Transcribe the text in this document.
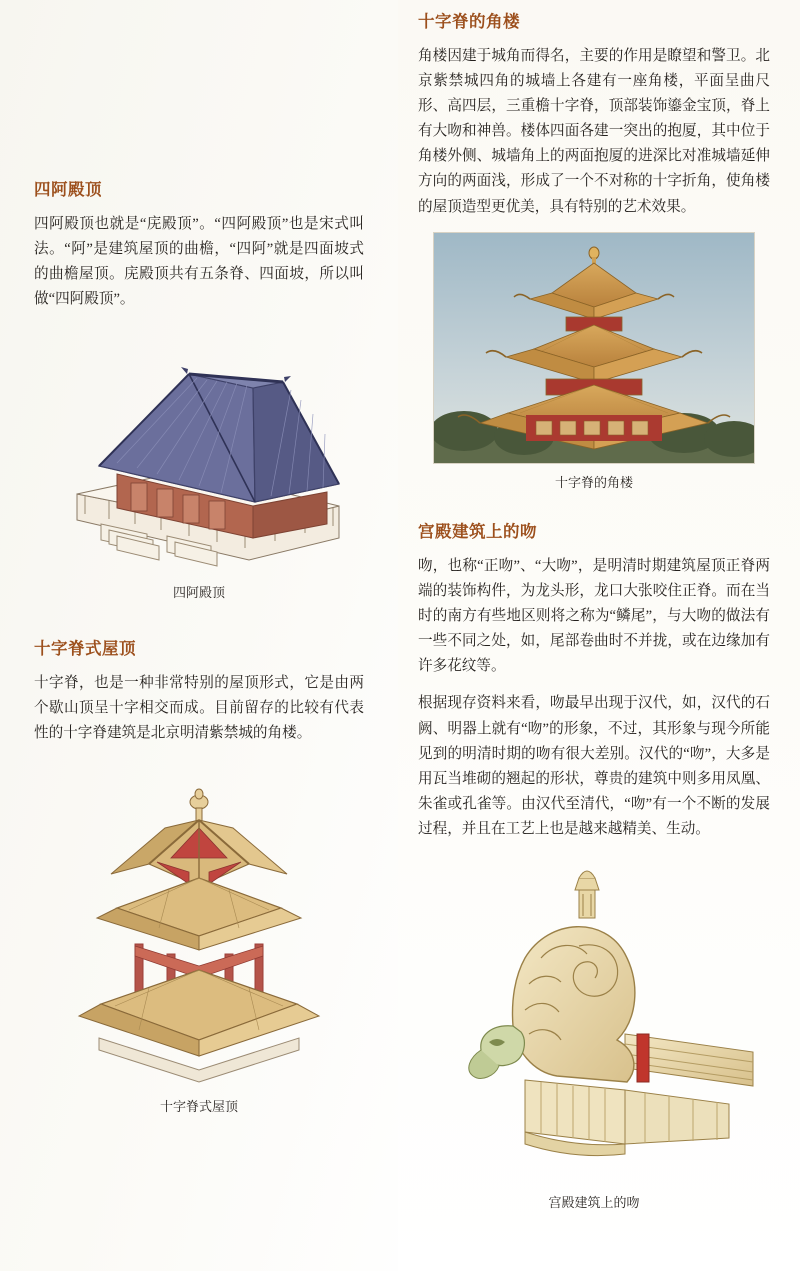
四阿殿顶

四阿殿顶也就是“庑殿顶”。“四阿殿顶”也是宋式叫法。“阿”是建筑屋顶的曲檐，“四阿”就是四面坡式的曲檐屋顶。庑殿顶共有五条脊、四面坡，所以叫做“四阿殿顶”。

四阿殿顶
十字脊式屋顶

十字脊，也是一种非常特别的屋顶形式，它是由两个歇山顶呈十字相交而成。目前留存的比较有代表性的十字脊建筑是北京明清紫禁城的角楼。

十字脊式屋顶
十字脊的角楼

角楼因建于城角而得名，主要的作用是瞭望和警卫。北京紫禁城四角的城墙上各建有一座角楼，平面呈曲尺形、高四层，三重檐十字脊，顶部装饰鎏金宝顶，脊上有大吻和神兽。楼体四面各建一突出的抱厦，其中位于角楼外侧、城墙角上的两面抱厦的进深比对准城墙延伸方向的两面浅，形成了一个不对称的十字折角，使角楼的屋顶造型更优美，具有特别的艺术效果。

十字脊的角楼
宫殿建筑上的吻

吻，也称“正吻”、“大吻”，是明清时期建筑屋顶正脊两端的装饰构件，为龙头形，龙口大张咬住正脊。而在当时的南方有些地区则将之称为“鳞尾”，与大吻的做法有一些不同之处，如，尾部卷曲时不并拢，或在边缘加有许多花纹等。

根据现存资料来看，吻最早出现于汉代，如，汉代的石阙、明器上就有“吻”的形象，不过，其形象与现今所能见到的明清时期的吻有很大差别。汉代的“吻”，大多是用瓦当堆砌的翘起的形状，尊贵的建筑中则多用凤凰、朱雀或孔雀等。由汉代至清代，“吻”有一个不断的发展过程，并且在工艺上也是越来越精美、生动。

宫殿建筑上的吻
